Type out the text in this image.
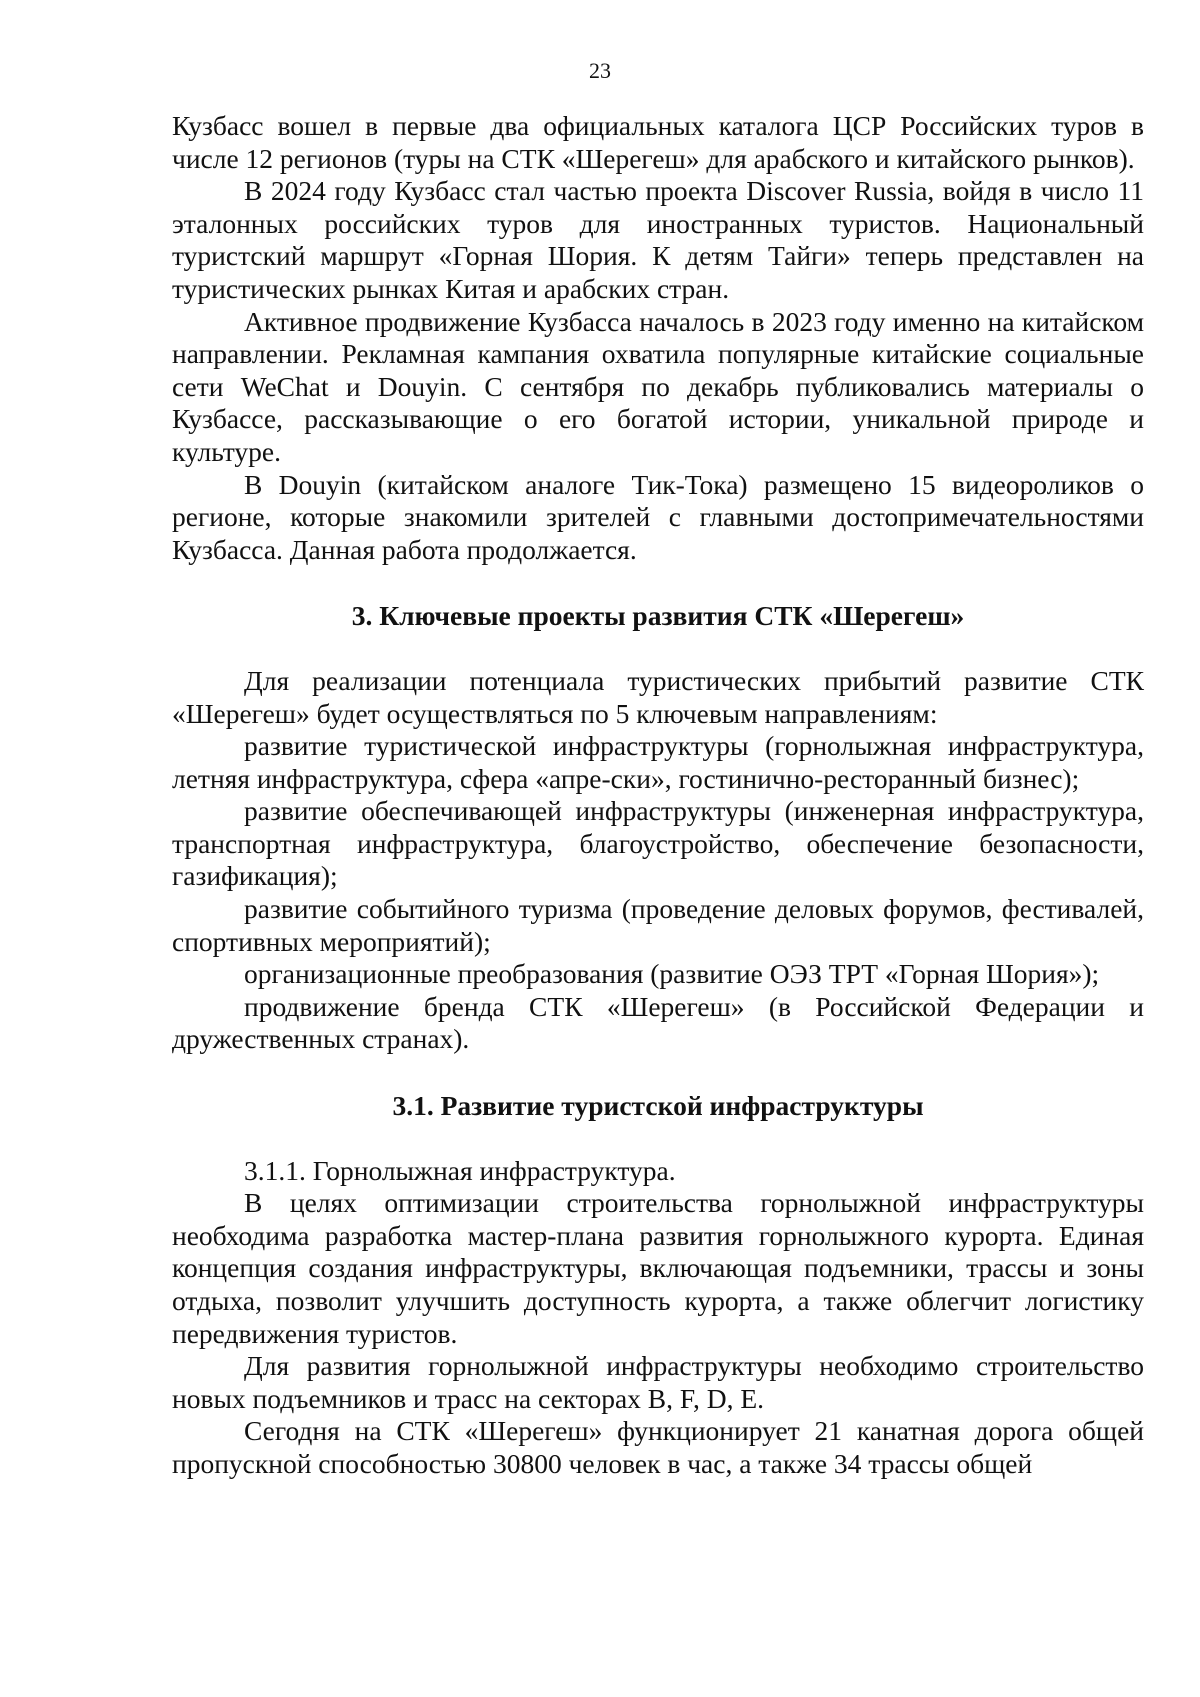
23

Кузбасс вошел в первые два официальных каталога ЦСР Российских туров в числе 12 регионов (туры на СТК «Шерегеш» для арабского и китайского рынков).

В 2024 году Кузбасс стал частью проекта Discover Russia, войдя в число 11 эталонных российских туров для иностранных туристов. Национальный туристский маршрут «Горная Шория. К детям Тайги» теперь представлен на туристических рынках Китая и арабских стран.

Активное продвижение Кузбасса началось в 2023 году именно на китайском направлении. Рекламная кампания охватила популярные китайские социальные сети WeChat и Douyin. С сентября по декабрь публиковались материалы о Кузбассе, рассказывающие о его богатой истории, уникальной природе и культуре.

В Douyin (китайском аналоге Тик-Тока) размещено 15 видеороликов о регионе, которые знакомили зрителей с главными достопримечательностями Кузбасса. Данная работа продолжается.

3. Ключевые проекты развития СТК «Шерегеш»

Для реализации потенциала туристических прибытий развитие СТК «Шерегеш» будет осуществляться по 5 ключевым направлениям:

развитие туристической инфраструктуры (горнолыжная инфраструктура, летняя инфраструктура, сфера «апре-ски», гостинично-ресторанный бизнес);

развитие обеспечивающей инфраструктуры (инженерная инфраструктура, транспортная инфраструктура, благоустройство, обеспечение безопасности, газификация);

развитие событийного туризма (проведение деловых форумов, фестивалей, спортивных мероприятий);

организационные преобразования (развитие ОЭЗ ТРТ «Горная Шория»);

продвижение бренда СТК «Шерегеш» (в Российской Федерации и дружественных странах).

3.1. Развитие туристской инфраструктуры

3.1.1. Горнолыжная инфраструктура.

В целях оптимизации строительства горнолыжной инфраструктуры необходима разработка мастер-плана развития горнолыжного курорта. Единая концепция создания инфраструктуры, включающая подъемники, трассы и зоны отдыха, позволит улучшить доступность курорта, а также облегчит логистику передвижения туристов.

Для развития горнолыжной инфраструктуры необходимо строительство новых подъемников и трасс на секторах B, F, D, E.

Сегодня на СТК «Шерегеш» функционирует 21 канатная дорога общей пропускной способностью 30800 человек в час, а также 34 трассы общей
